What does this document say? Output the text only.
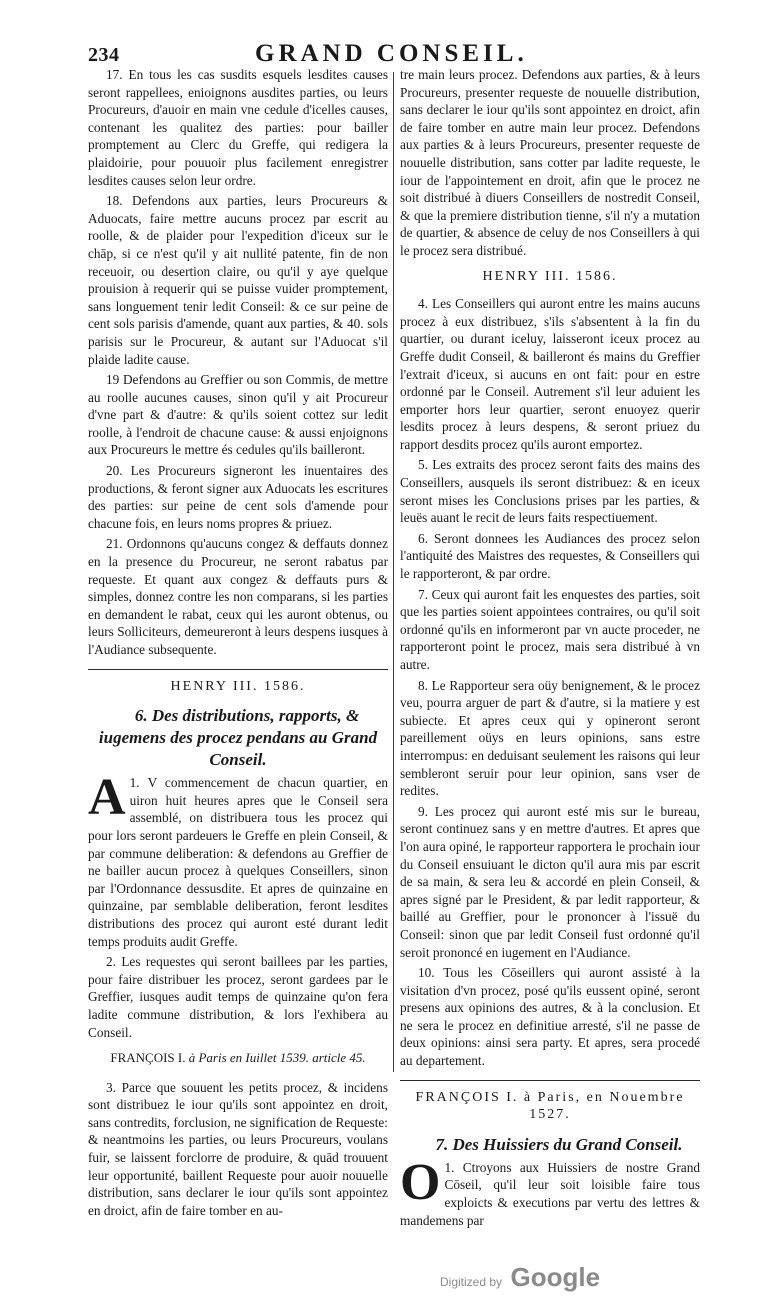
234	GRAND CONSEIL.

17. En tous les cas susdits esquels lesdites causes seront rappellees, enioignons ausdites parties, ou leurs Procureurs, d'auoir en main vne cedule d'icelles causes, contenant les qualitez des parties: pour bailler promptement au Clerc du Greffe, qui redigera la plaidoirie, pour pouuoir plus facilement enregistrer lesdites causes selon leur ordre.

18. Defendons aux parties, leurs Procureurs & Aduocats, faire mettre aucuns procez par escrit au roolle, & de plaider pour l'expedition d'iceux sur le chāp, si ce n'est qu'il y ait nullité patente, fin de non receuoir, ou desertion claire, ou qu'il y aye quelque prouision à requerir qui se puisse vuider promptement, sans longuement tenir ledit Conseil: & ce sur peine de cent sols parisis d'amende, quant aux parties, & 40. sols parisis sur le Procureur, & autant sur l'Aduocat s'il plaide ladite cause.

19 Defendons au Greffier ou son Commis, de mettre au roolle aucunes causes, sinon qu'il y ait Procureur d'vne part & d'autre: & qu'ils soient cottez sur ledit roolle, à l'endroit de chacune cause: & aussi enjoignons aux Procureurs le mettre és cedules qu'ils bailleront.

20. Les Procureurs signeront les inuentaires des productions, & feront signer aux Aduocats les escritures des parties: sur peine de cent sols d'amende pour chacune fois, en leurs noms propres & priuez.

21. Ordonnons qu'aucuns congez & deffauts donnez en la presence du Procureur, ne seront rabatus par requeste. Et quant aux congez & deffauts purs & simples, donnez contre les non comparans, si les parties en demandent le rabat, ceux qui les auront obtenus, ou leurs Solliciteurs, demeureront à leurs despens iusques à l'Audiance subsequente.

HENRY III. 1586.

6. Des distributions, rapports, & iugemens des procez pendans au Grand Conseil.

1.
A V commencement de chacun quartier, en uiron huit heures apres que le Conseil sera assemblé, on distribuera tous les procez qui pour lors seront pardeuers le Greffe en plein Conseil, & par commune deliberation: & defendons au Greffier de ne bailler aucun procez à quelques Conseillers, sinon par l'Ordonnance dessusdite. Et apres de quinzaine en quinzaine, par semblable deliberation, feront lesdites distributions des procez qui auront esté durant ledit temps produits audit Greffe.

2. Les requestes qui seront baillees par les parties, pour faire distribuer les procez, seront gardees par le Greffier, iusques audit temps de quinzaine qu'on fera ladite commune distribution, & lors l'exhibera au Conseil.

FRANÇOIS I. à Paris en Iuillet 1539. article 45.

3. Parce que souuent les petits procez, & incidens sont distribuez le iour qu'ils sont appointez en droit, sans contredits, forclusion, ne signification de Requeste: & neantmoins les parties, ou leurs Procureurs, voulans fuir, se laissent forclorre de produire, & quād trouuent leur opportunité, baillent Requeste pour auoir nouuelle distribution, sans declarer le iour qu'ils sont appointez en droict, afin de faire tomber en au-

tre main leurs procez. Defendons aux parties, & à leurs Procureurs, presenter requeste de nouuelle distribution, sans declarer le iour qu'ils sont appointez en droict, afin de faire tomber en autre main leur procez. Defendons aux parties & à leurs Procureurs, presenter requeste de nouuelle distribution, sans cotter par ladite requeste, le iour de l'appointement en droit, afin que le procez ne soit distribué à diuers Conseillers de nostredit Conseil, & que la premiere distribution tienne, s'il n'y a mutation de quartier, & absence de celuy de nos Conseillers à qui le procez sera distribué.

HENRY III. 1586.

4. Les Conseillers qui auront entre les mains aucuns procez à eux distribuez, s'ils s'absentent à la fin du quartier, ou durant iceluy, laisseront iceux procez au Greffe dudit Conseil, & bailleront és mains du Greffier l'extrait d'iceux, si aucuns en ont fait: pour en estre ordonné par le Conseil. Autrement s'il leur aduient les emporter hors leur quartier, seront enuoyez querir lesdits procez à leurs despens, & seront priuez du rapport desdits procez qu'ils auront emportez.

5. Les extraits des procez seront faits des mains des Conseillers, ausquels ils seront distribuez: & en iceux seront mises les Conclusions prises par les parties, & leuës auant le recit de leurs faits respectiuement.

6. Seront donnees les Audiances des procez selon l'antiquité des Maistres des requestes, & Conseillers qui le rapporteront, & par ordre.

7. Ceux qui auront fait les enquestes des parties, soit que les parties soient appointees contraires, ou qu'il soit ordonné qu'ils en informeront par vn aucte proceder, ne rapporteront point le procez, mais sera distribué à vn autre.

8. Le Rapporteur sera oüy benignement, & le procez veu, pourra arguer de part & d'autre, si la matiere y est subiecte. Et apres ceux qui y opineront seront pareillement oüys en leurs opinions, sans estre interrompus: en deduisant seulement les raisons qui leur sembleront seruir pour leur opinion, sans vser de redites.

9. Les procez qui auront esté mis sur le bureau, seront continuez sans y en mettre d'autres. Et apres que l'on aura opiné, le rapporteur rapportera le prochain iour du Conseil ensuiuant le dicton qu'il aura mis par escrit de sa main, & sera leu & accordé en plein Conseil, & apres signé par le President, & par ledit rapporteur, & baillé au Greffier, pour le prononcer à l'issuë du Conseil: sinon que par ledit Conseil fust ordonné qu'il seroit prononcé en iugement en l'Audiance.

10. Tous les Cōseillers qui auront assisté à la visitation d'vn procez, posé qu'ils eussent opiné, seront presens aux opinions des autres, & à la conclusion. Et ne sera le procez en definitiue arresté, s'il ne passe de deux opinions: ainsi sera party. Et apres, sera procedé au departement.

FRANÇOIS I. à Paris, en Nouembre 1527.

7. Des Huissiers du Grand Conseil.

1.
O Ctroyons aux Huissiers de nostre Grand Cōseil, qu'il leur soit loisible faire tous exploicts & executions par vertu des lettres & mandemens par

Digitized by Google
